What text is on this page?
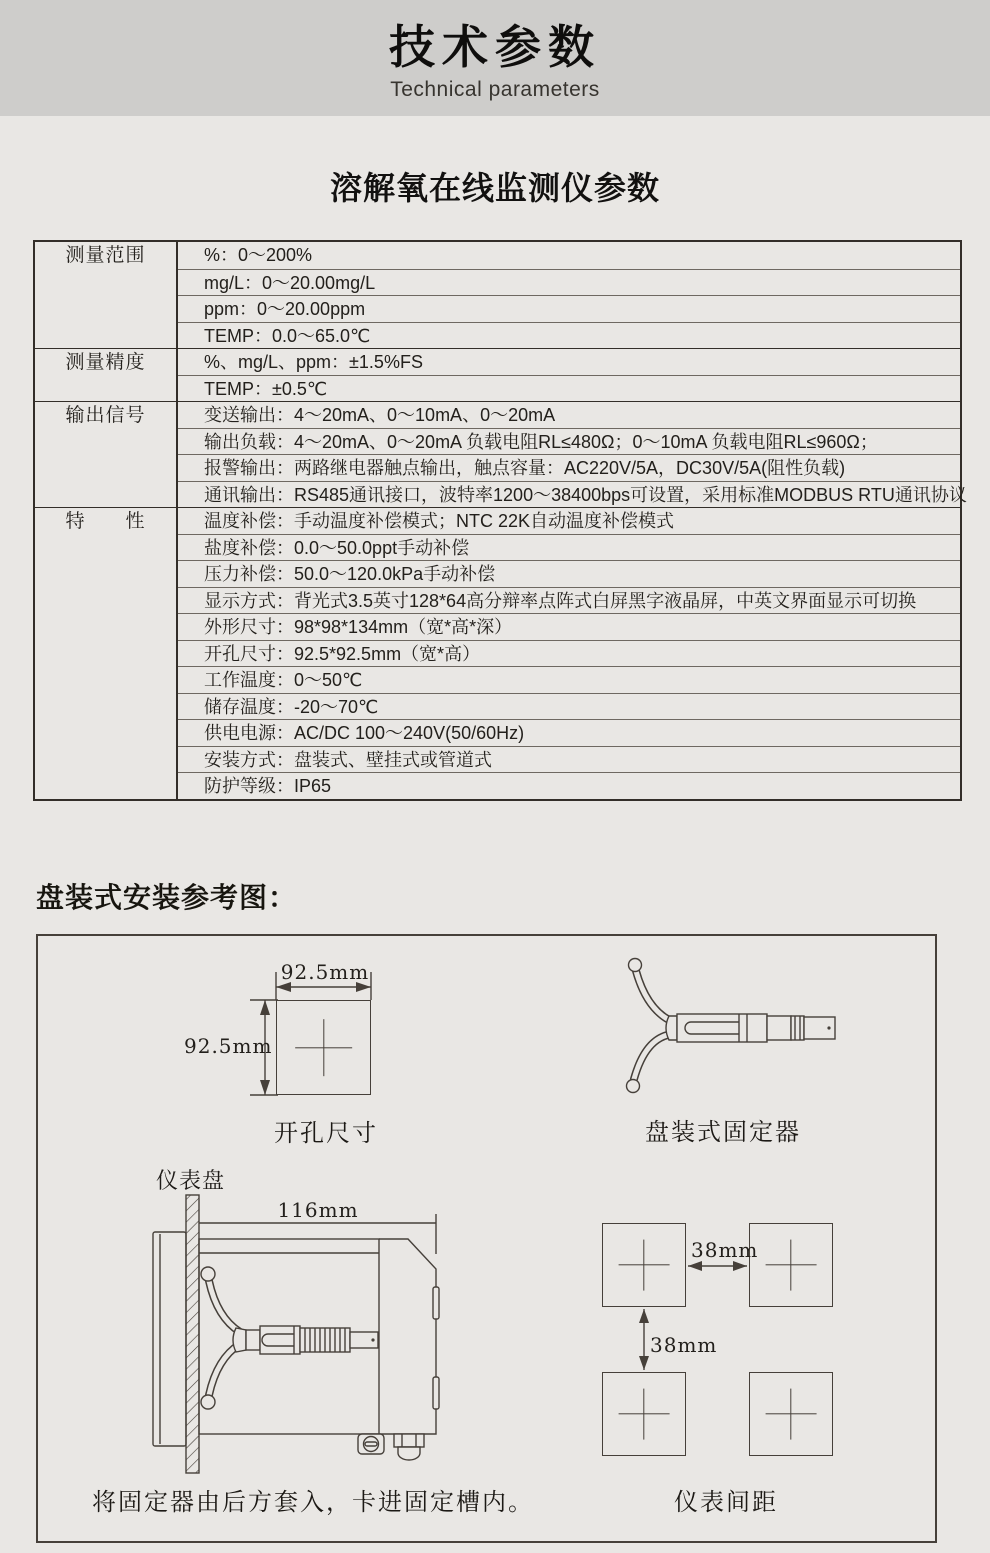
技术参数
Technical parameters
溶解氧在线监测仪参数
测量范围
测量精度
输出信号
特　　性
%：0～200%
mg/L：0～20.00mg/L
ppm：0～20.00ppm
TEMP：0.0～65.0℃
%、mg/L、ppm：±1.5%FS
TEMP：±0.5℃
变送输出：4～20mA、0～10mA、0～20mA
输出负载：4～20mA、0～20mA 负载电阻RL≤480Ω；0～10mA 负载电阻RL≤960Ω；
报警输出：两路继电器触点输出，触点容量：AC220V/5A，DC30V/5A(阻性负载)
通讯输出：RS485通讯接口，波特率1200～38400bps可设置，采用标准MODBUS RTU通讯协议
温度补偿：手动温度补偿模式；NTC 22K自动温度补偿模式
盐度补偿：0.0～50.0ppt手动补偿
压力补偿：50.0～120.0kPa手动补偿
显示方式：背光式3.5英寸128*64高分辩率点阵式白屏黑字液晶屏，中英文界面显示可切换
外形尺寸：98*98*134mm（宽*高*深）
开孔尺寸：92.5*92.5mm（宽*高）
工作温度：0～50℃
储存温度：-20～70℃
供电电源：AC/DC 100～240V(50/60Hz)
安装方式：盘装式、壁挂式或管道式
防护等级：IP65
盘装式安装参考图：
92.5mm
92.5mm
开孔尺寸	盘装式固定器
仪表盘
116mm
将固定器由后方套入，卡进固定槽内。
38mm
38mm
仪表间距
